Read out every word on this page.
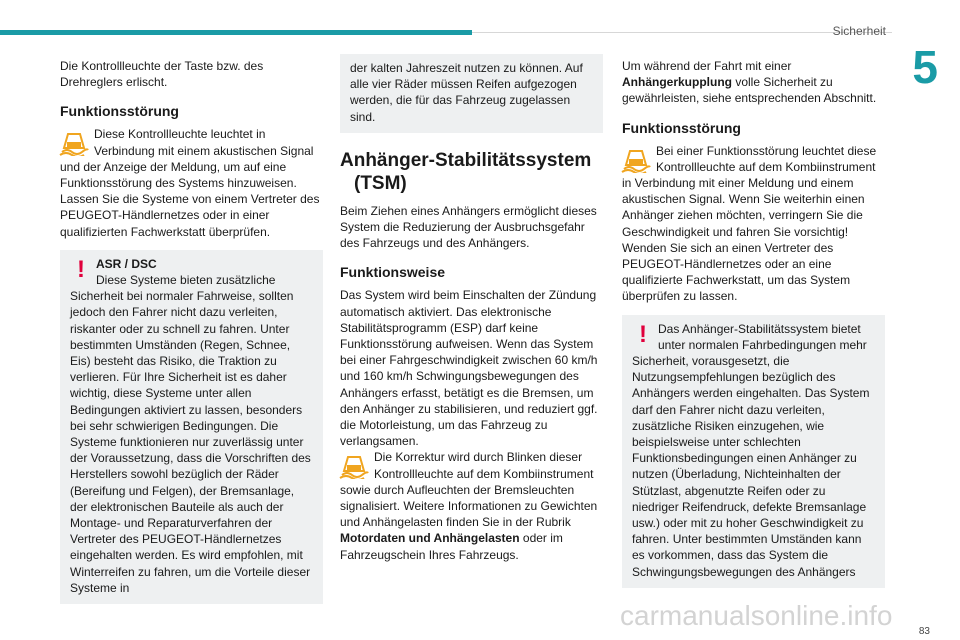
Sicherheit
5
83
carmanualsonline.info

Die Kontrollleuchte der Taste bzw. des Drehreglers erlischt.

Funktionsstörung
Diese Kontrollleuchte leuchtet in Verbindung mit einem akustischen Signal und der Anzeige der Meldung, um auf eine Funktionsstörung des Systems hinzuweisen. Lassen Sie die Systeme von einem Vertreter des PEUGEOT-Händlernetzes oder in einer qualifizierten Fachwerkstatt überprüfen.
! ASR / DSC
Diese Systeme bieten zusätzliche Sicherheit bei normaler Fahrweise, sollten jedoch den Fahrer nicht dazu verleiten, riskanter oder zu schnell zu fahren. Unter bestimmten Umständen (Regen, Schnee, Eis) besteht das Risiko, die Traktion zu verlieren. Für Ihre Sicherheit ist es daher wichtig, diese Systeme unter allen Bedingungen aktiviert zu lassen, besonders bei sehr schwierigen Bedingungen. Die Systeme funktionieren nur zuverlässig unter der Voraussetzung, dass die Vorschriften des Herstellers sowohl bezüglich der Räder (Bereifung und Felgen), der Bremsanlage, der elektronischen Bauteile als auch der Montage- und Reparaturverfahren der Vertreter des PEUGEOT-Händlernetzes eingehalten werden. Es wird empfohlen, mit Winterreifen zu fahren, um die Vorteile dieser Systeme in
der kalten Jahreszeit nutzen zu können. Auf alle vier Räder müssen Reifen aufgezogen werden, die für das Fahrzeug zugelassen sind.
Anhänger-Stabilitätssystem
(TSM)

Beim Ziehen eines Anhängers ermöglicht dieses System die Reduzierung der Ausbruchsgefahr des Fahrzeugs und des Anhängers.

Funktionsweise

Das System wird beim Einschalten der Zündung automatisch aktiviert. Das elektronische Stabilitätsprogramm (ESP) darf keine Funktionsstörung aufweisen. Wenn das System bei einer Fahrgeschwindigkeit zwischen 60 km/h und 160 km/h Schwingungsbewegungen des Anhängers erfasst, betätigt es die Bremsen, um den Anhänger zu stabilisieren, und reduziert ggf. die Motorleistung, um das Fahrzeug zu verlangsamen.

Die Korrektur wird durch Blinken dieser Kontrollleuchte auf dem Kombiinstrument sowie durch Aufleuchten der Bremsleuchten signalisiert. Weitere Informationen zu Gewichten und Anhängelasten finden Sie in der Rubrik Motordaten und Anhängelasten oder im Fahrzeugschein Ihres Fahrzeugs.

Um während der Fahrt mit einer Anhängerkupplung volle Sicherheit zu gewährleisten, siehe entsprechenden Abschnitt.

Funktionsstörung
Bei einer Funktionsstörung leuchtet diese Kontrollleuchte auf dem Kombiinstrument in Verbindung mit einer Meldung und einem akustischen Signal. Wenn Sie weiterhin einen Anhänger ziehen möchten, verringern Sie die Geschwindigkeit und fahren Sie vorsichtig! Wenden Sie sich an einen Vertreter des PEUGEOT-Händlernetzes oder an eine qualifizierte Fachwerkstatt, um das System überprüfen zu lassen.
! Das Anhänger-Stabilitätssystem bietet unter normalen Fahrbedingungen mehr Sicherheit, vorausgesetzt, die Nutzungsempfehlungen bezüglich des Anhängers werden eingehalten. Das System darf den Fahrer nicht dazu verleiten, zusätzliche Risiken einzugehen, wie beispielsweise unter schlechten Funktionsbedingungen einen Anhänger zu nutzen (Überladung, Nichteinhalten der Stützlast, abgenutzte Reifen oder zu niedriger Reifendruck, defekte Bremsanlage usw.) oder mit zu hoher Geschwindigkeit zu fahren. Unter bestimmten Umständen kann es vorkommen, dass das System die Schwingungsbewegungen des Anhängers
